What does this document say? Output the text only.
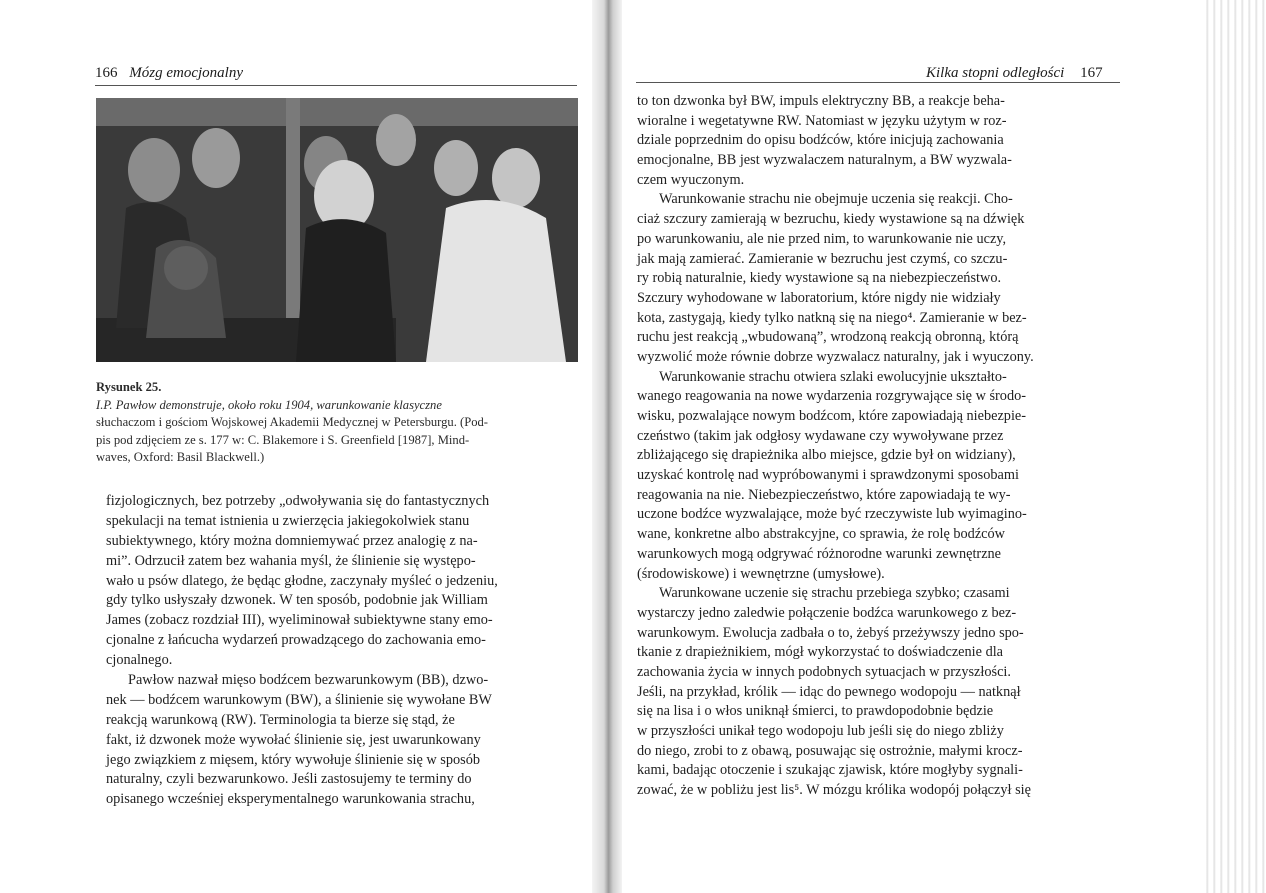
166 Mózg emocjonalny	Kilka stopni odległości 167
Rysunek 25.
I.P. Pawłow demonstruje, około roku 1904, warunkowanie klasyczne
słuchaczom i gościom Wojskowej Akademii Medycznej w Petersburgu. (Pod-
pis pod zdjęciem ze s. 177 w: C. Blakemore i S. Greenfield [1987], Mind-
waves, Oxford: Basil Blackwell.)
fizjologicznych, bez potrzeby „odwoływania się do fantastycznych
spekulacji na temat istnienia u zwierzęcia jakiegokolwiek stanu
subiektywnego, który można domniemywać przez analogię z na-
mi”. Odrzucił zatem bez wahania myśl, że ślinienie się występo-
wało u psów dlatego, że będąc głodne, zaczynały myśleć o jedzeniu,
gdy tylko usłyszały dzwonek. W ten sposób, podobnie jak William
James (zobacz rozdział III), wyeliminował subiektywne stany emo-
cjonalne z łańcucha wydarzeń prowadzącego do zachowania emo-
cjonalnego.
Pawłow nazwał mięso bodźcem bezwarunkowym (BB), dzwo-
nek — bodźcem warunkowym (BW), a ślinienie się wywołane BW
reakcją warunkową (RW). Terminologia ta bierze się stąd, że
fakt, iż dzwonek może wywołać ślinienie się, jest uwarunkowany
jego związkiem z mięsem, który wywołuje ślinienie się w sposób
naturalny, czyli bezwarunkowo. Jeśli zastosujemy te terminy do
opisanego wcześniej eksperymentalnego warunkowania strachu,
to ton dzwonka był BW, impuls elektryczny BB, a reakcje beha-
wioralne i wegetatywne RW. Natomiast w języku użytym w roz-
dziale poprzednim do opisu bodźców, które inicjują zachowania
emocjonalne, BB jest wyzwalaczem naturalnym, a BW wyzwala-
czem wyuczonym.
Warunkowanie strachu nie obejmuje uczenia się reakcji. Cho-
ciaż szczury zamierają w bezruchu, kiedy wystawione są na dźwięk
po warunkowaniu, ale nie przed nim, to warunkowanie nie uczy,
jak mają zamierać. Zamieranie w bezruchu jest czymś, co szczu-
ry robią naturalnie, kiedy wystawione są na niebezpieczeństwo.
Szczury wyhodowane w laboratorium, które nigdy nie widziały
kota, zastygają, kiedy tylko natkną się na niego⁴. Zamieranie w bez-
ruchu jest reakcją „wbudowaną”, wrodzoną reakcją obronną, którą
wyzwolić może równie dobrze wyzwalacz naturalny, jak i wyuczony.
Warunkowanie strachu otwiera szlaki ewolucyjnie ukształto-
wanego reagowania na nowe wydarzenia rozgrywające się w środo-
wisku, pozwalające nowym bodźcom, które zapowiadają niebezpie-
czeństwo (takim jak odgłosy wydawane czy wywoływane przez
zbliżającego się drapieżnika albo miejsce, gdzie był on widziany),
uzyskać kontrolę nad wypróbowanymi i sprawdzonymi sposobami
reagowania na nie. Niebezpieczeństwo, które zapowiadają te wy-
uczone bodźce wyzwalające, może być rzeczywiste lub wyimagino-
wane, konkretne albo abstrakcyjne, co sprawia, że rolę bodźców
warunkowych mogą odgrywać różnorodne warunki zewnętrzne
(środowiskowe) i wewnętrzne (umysłowe).
Warunkowane uczenie się strachu przebiega szybko; czasami
wystarczy jedno zaledwie połączenie bodźca warunkowego z bez-
warunkowym. Ewolucja zadbała o to, żebyś przeżywszy jedno spo-
tkanie z drapieżnikiem, mógł wykorzystać to doświadczenie dla
zachowania życia w innych podobnych sytuacjach w przyszłości.
Jeśli, na przykład, królik — idąc do pewnego wodopoju — natknął
się na lisa i o włos uniknął śmierci, to prawdopodobnie będzie
w przyszłości unikał tego wodopoju lub jeśli się do niego zbliży
do niego, zrobi to z obawą, posuwając się ostrożnie, małymi krocz-
kami, badając otoczenie i szukając zjawisk, które mogłyby sygnali-
zować, że w pobliżu jest lis⁵. W mózgu królika wodopój połączył się
